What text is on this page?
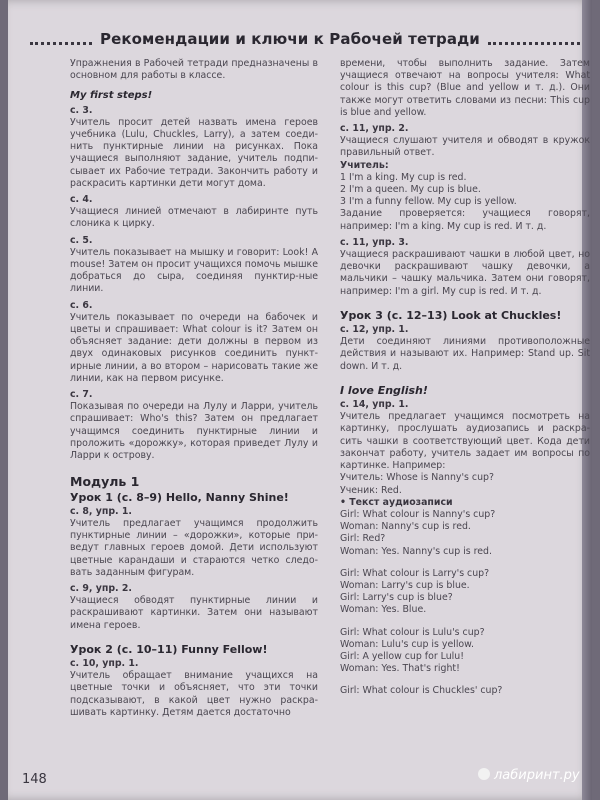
Рекомендации и ключи к Рабочей тетради

Упражнения в Рабочей тетради предназначены в основном для работы в классе.

My first steps!
с. 3.

Учитель просит детей назвать имена героев учебника (Lulu, Chuckles, Larry), а затем соеди-нить пунктирные линии на рисунках. Пока учащиеся выполняют задание, учитель подпи-сывает их Рабочие тетради. Закончить работу и раскрасить картинки дети могут дома.

с. 4.

Учащиеся линией отмечают в лабиринте путь слоника к цирку.

с. 5.

Учитель показывает на мышку и говорит: Look! A mouse! Затем он просит учащихся помочь мышке добраться до сыра, соединяя пунктир-ные линии.

с. 6.

Учитель показывает по очереди на бабочек и цветы и спрашивает: What colour is it? Затем он объясняет задание: дети должны в первом из двух одинаковых рисунков соединить пункт-ирные линии, а во втором – нарисовать такие же линии, как на первом рисунке.

с. 7.

Показывая по очереди на Лулу и Ларри, учитель спрашивает: Who's this? Затем он предлагает учащимся соединить пунктирные линии и проложить «дорожку», которая приведет Лулу и Ларри к острову.

Модуль 1
Урок 1 (с. 8–9) Hello, Nanny Shine!
с. 8, упр. 1.

Учитель предлагает учащимся продолжить пунктирные линии – «дорожки», которые при-ведут главных героев домой. Дети используют цветные карандаши и стараются четко следо-вать заданным фигурам.

с. 9, упр. 2.

Учащиеся обводят пунктирные линии и раскрашивают картинки. Затем они называют имена героев.

Урок 2 (с. 10–11) Funny Fellow!
с. 10, упр. 1.

Учитель обращает внимание учащихся на цветные точки и объясняет, что эти точки подсказывают, в какой цвет нужно раскра-шивать картинку. Детям дается достаточно

времени, чтобы выполнить задание. Затем учащиеся отвечают на вопросы учителя: What colour is this cup? (Blue and yellow и т. д.). Они также могут ответить словами из песни: This cup is blue and yellow.

с. 11, упр. 2.

Учащиеся слушают учителя и обводят в кружок правильный ответ.

Учитель:
1 I'm a king. My cup is red.
2 I'm a queen. My cup is blue.
3 I'm a funny fellow. My cup is yellow.

Задание проверяется: учащиеся говорят, например: I'm a king. My cup is red. И т. д.

с. 11, упр. 3.

Учащиеся раскрашивают чашки в любой цвет, но девочки раскрашивают чашку девочки, а мальчики – чашку мальчика. Затем они говорят, например: I'm a girl. My cup is red. И т. д.

Урок 3 (с. 12–13) Look at Chuckles!
с. 12, упр. 1.

Дети соединяют линиями противоположные действия и называют их. Например: Stand up. Sit down. И т. д.

I love English!
с. 14, упр. 1.

Учитель предлагает учащимся посмотреть на картинку, прослушать аудиозапись и раскра-сить чашки в соответствующий цвет. Кода дети закончат работу, учитель задает им вопросы по картинке. Например:

Учитель: Whose is Nanny's cup?
Ученик: Red.
• Текст аудиозаписи
Girl: What colour is Nanny's cup?
Woman: Nanny's cup is red.
Girl: Red?
Woman: Yes. Nanny's cup is red.
Girl: What colour is Larry's cup?
Woman: Larry's cup is blue.
Girl: Larry's cup is blue?
Woman: Yes. Blue.
Girl: What colour is Lulu's cup?
Woman: Lulu's cup is yellow.
Girl: A yellow cup for Lulu!
Woman: Yes. That's right!
Girl: What colour is Chuckles' cup?
148	лабиринт.ру
